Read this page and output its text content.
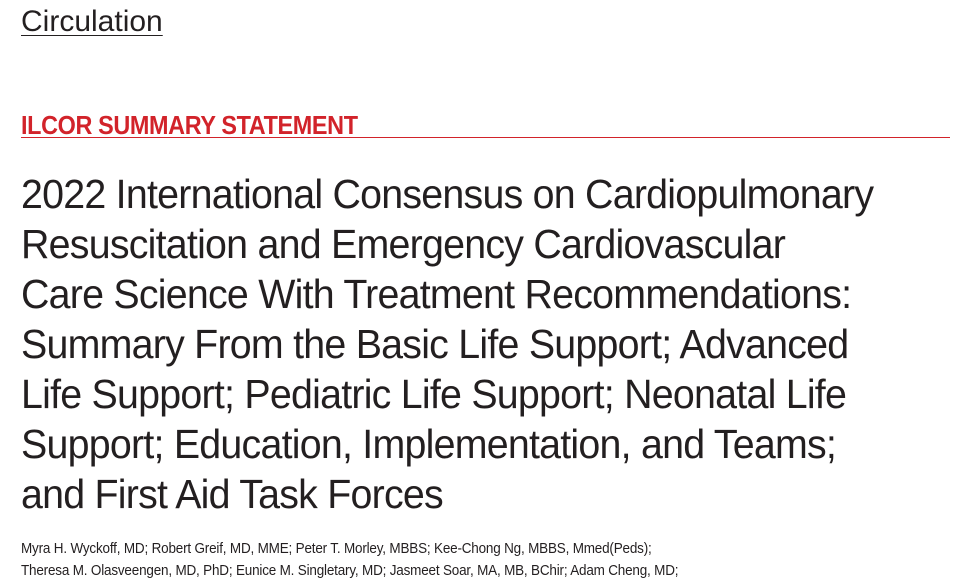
Circulation
ILCOR SUMMARY STATEMENT
2022 International Consensus on Cardiopulmonary
Resuscitation and Emergency Cardiovascular
Care Science With Treatment Recommendations:
Summary From the Basic Life Support; Advanced
Life Support; Pediatric Life Support; Neonatal Life
Support; Education, Implementation, and Teams;
and First Aid Task Forces
Myra H. Wyckoff, MD; Robert Greif, MD, MME; Peter T. Morley, MBBS; Kee-Chong Ng, MBBS, Mmed(Peds);
Theresa M. Olasveengen, MD, PhD; Eunice M. Singletary, MD; Jasmeet Soar, MA, MB, BChir; Adam Cheng, MD;
